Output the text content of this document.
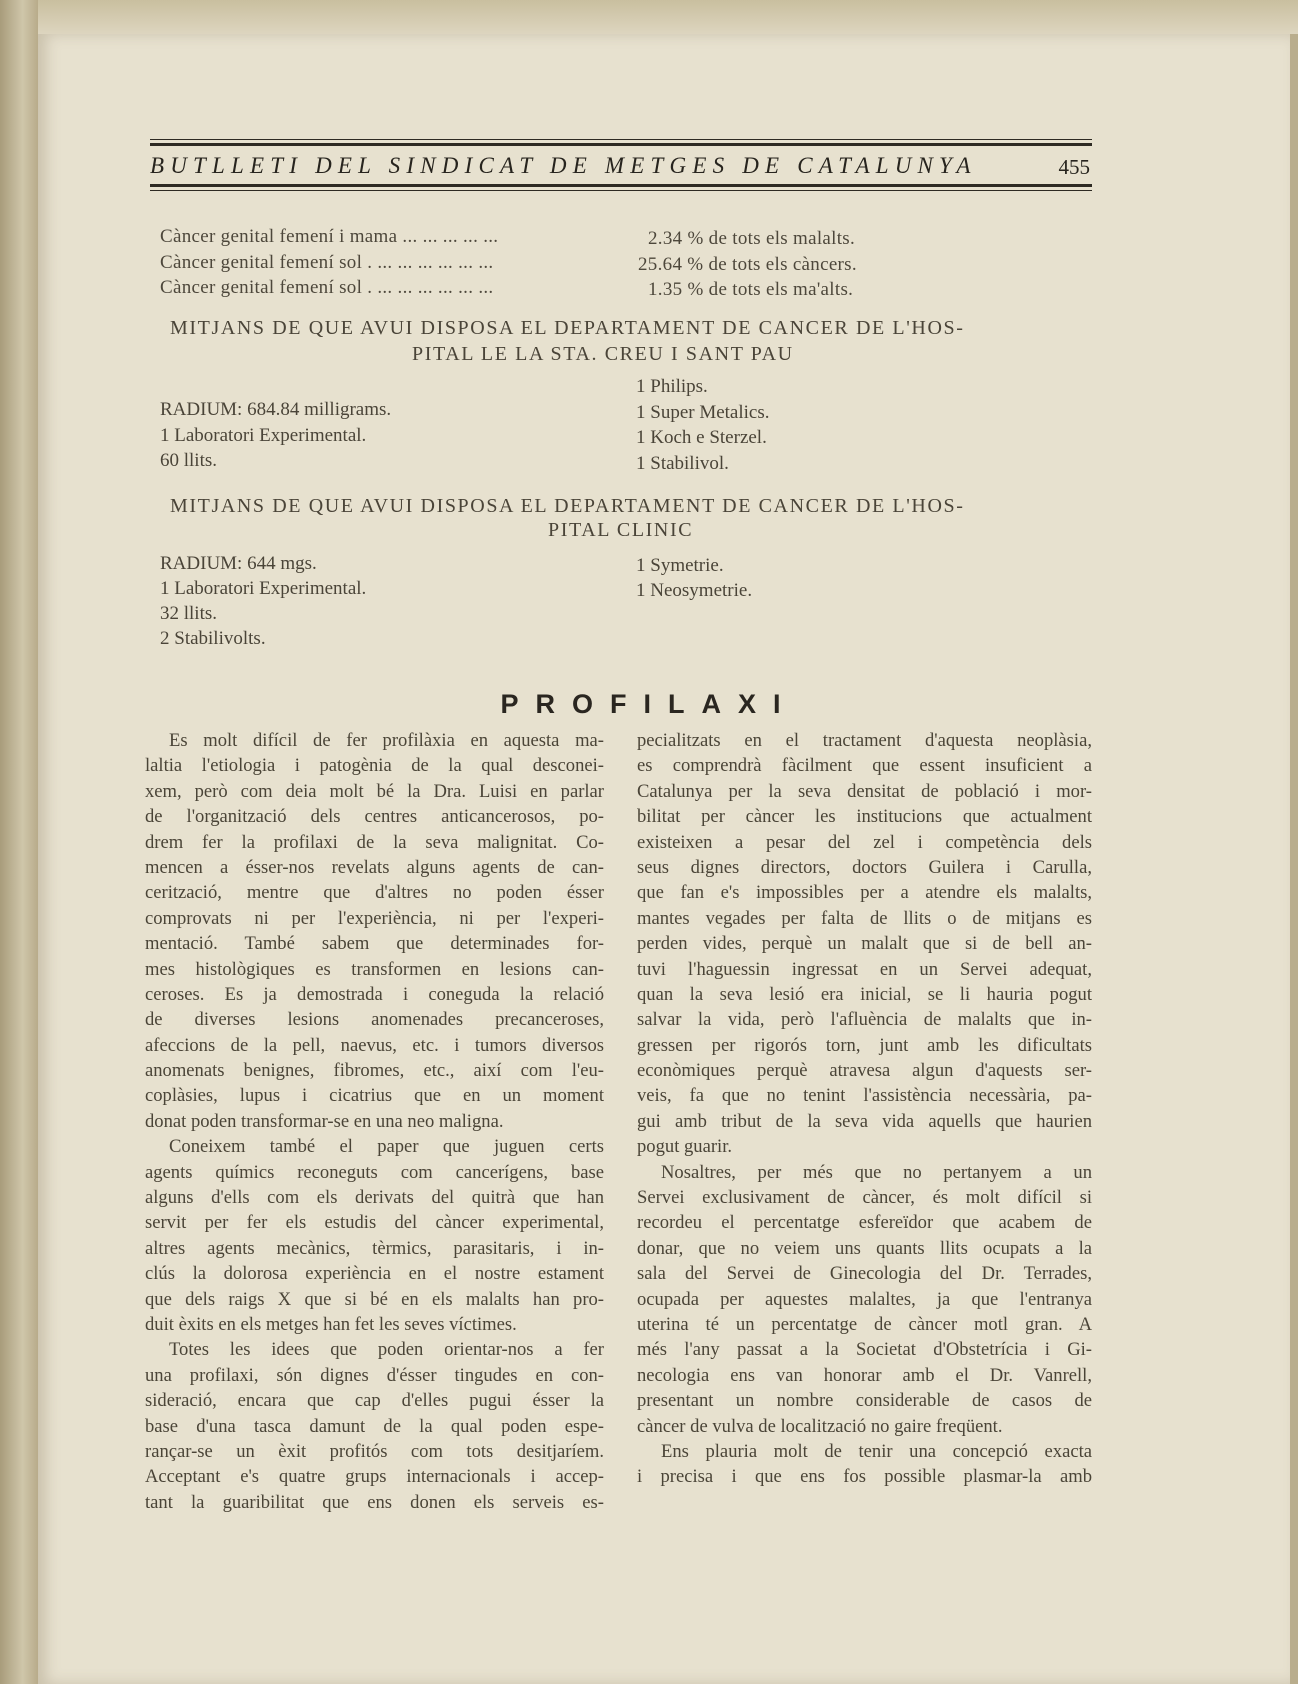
BUTLLETI DEL SINDICAT DE METGES DE CATALUNYA	455
Càncer genital femení i mama ... ... ... ... ...	2.34 % de tots els malalts.
Càncer genital femení sol . ... ... ... ... ... ...	25.64 % de tots els càncers.
Càncer genital femení sol . ... ... ... ... ... ...	1.35 % de tots els ma'alts.
MITJANS DE QUE AVUI DISPOSA EL DEPARTAMENT DE CANCER DE L'HOS-
PITAL LE LA STA. CREU I SANT PAU
RADIUM: 684.84 milligrams.
1 Laboratori Experimental.
60 llits.
1 Philips.
1 Super Metalics.
1 Koch e Sterzel.
1 Stabilivol.
MITJANS DE QUE AVUI DISPOSA EL DEPARTAMENT DE CANCER DE L'HOS-
PITAL CLINIC
RADIUM: 644 mgs.
1 Laboratori Experimental.
32 llits.
2 Stabilivolts.
1 Symetrie.
1 Neosymetrie.
PROFILAXI
Es molt difícil de fer profilàxia en aquesta ma-
laltia l'etiologia i patogènia de la qual desconei-
xem, però com deia molt bé la Dra. Luisi en parlar
de l'organització dels centres anticancerosos, po-
drem fer la profilaxi de la seva malignitat. Co-
mencen a ésser-nos revelats alguns agents de can-
cerització, mentre que d'altres no poden ésser
comprovats ni per l'experiència, ni per l'experi-
mentació. També sabem que determinades for-
mes histològiques es transformen en lesions can-
ceroses. Es ja demostrada i coneguda la relació
de diverses lesions anomenades precanceroses,
afeccions de la pell, naevus, etc. i tumors diversos
anomenats benignes, fibromes, etc., així com l'eu-
coplàsies, lupus i cicatrius que en un moment
donat poden transformar-se en una neo maligna.
Coneixem també el paper que juguen certs
agents químics reconeguts com cancerígens, base
alguns d'ells com els derivats del quitrà que han
servit per fer els estudis del càncer experimental,
altres agents mecànics, tèrmics, parasitaris, i in-
clús la dolorosa experiència en el nostre estament
que dels raigs X que si bé en els malalts han pro-
duit èxits en els metges han fet les seves víctimes.
Totes les idees que poden orientar-nos a fer
una profilaxi, són dignes d'ésser tingudes en con-
sideració, encara que cap d'elles pugui ésser la
base d'una tasca damunt de la qual poden espe-
rançar-se un èxit profitós com tots desitjaríem.
Acceptant e's quatre grups internacionals i accep-
tant la guaribilitat que ens donen els serveis es-
pecialitzats en el tractament d'aquesta neoplàsia,
es comprendrà fàcilment que essent insuficient a
Catalunya per la seva densitat de població i mor-
bilitat per càncer les institucions que actualment
existeixen a pesar del zel i competència dels
seus dignes directors, doctors Guilera i Carulla,
que fan e's impossibles per a atendre els malalts,
mantes vegades per falta de llits o de mitjans es
perden vides, perquè un malalt que si de bell an-
tuvi l'haguessin ingressat en un Servei adequat,
quan la seva lesió era inicial, se li hauria pogut
salvar la vida, però l'afluència de malalts que in-
gressen per rigorós torn, junt amb les dificultats
econòmiques perquè atravesa algun d'aquests ser-
veis, fa que no tenint l'assistència necessària, pa-
gui amb tribut de la seva vida aquells que haurien
pogut guarir.
Nosaltres, per més que no pertanyem a un
Servei exclusivament de càncer, és molt difícil si
recordeu el percentatge esfereïdor que acabem de
donar, que no veiem uns quants llits ocupats a la
sala del Servei de Ginecologia del Dr. Terrades,
ocupada per aquestes malaltes, ja que l'entranya
uterina té un percentatge de càncer motl gran. A
més l'any passat a la Societat d'Obstetrícia i Gi-
necologia ens van honorar amb el Dr. Vanrell,
presentant un nombre considerable de casos de
càncer de vulva de localització no gaire freqüent.
Ens plauria molt de tenir una concepció exacta
i precisa i que ens fos possible plasmar-la amb
